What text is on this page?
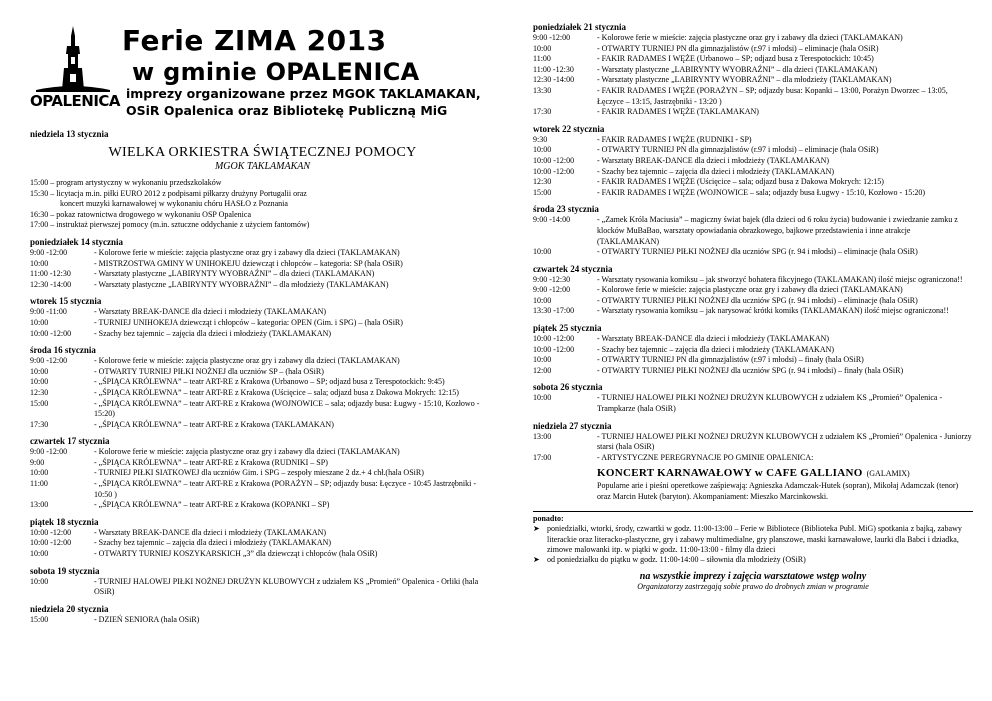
OPALENICA
Ferie ZIMA 2013
w gminie OPALENICA
imprezy organizowane przez MGOK TAKLAMAKAN,
OSiR Opalenica oraz Bibliotekę Publiczną MiG
niedziela 13 stycznia
WIELKA ORKIESTRA ŚWIĄTECZNEJ POMOCY
MGOK TAKLAMAKAN
15:00 – program artystyczny w wykonaniu przedszkolaków
15:30 – licytacja m.in. piłki EURO 2012 z podpisami piłkarzy drużyny Portugalii oraz
koncert muzyki karnawałowej w wykonaniu chóru HASŁO z Poznania
16:30 – pokaz ratownictwa drogowego w wykonaniu OSP Opalenica
17:00 – instruktaż pierwszej pomocy (m.in. sztuczne oddychanie z użyciem fantomów)
poniedziałek 14 stycznia
9:00 -12:00	- Kolorowe ferie w mieście: zajęcia plastyczne oraz gry i zabawy dla dzieci (TAKLAMAKAN)
10:00	- MISTRZOSTWA GMINY W UNIHOKEJU dziewcząt i chłopców – kategoria: SP (hala OSiR)
11:00 -12:30	- Warsztaty plastyczne „LABIRYNTY WYOBRAŹNI” – dla dzieci (TAKLAMAKAN)
12:30 -14:00	- Warsztaty plastyczne „LABIRYNTY WYOBRAŹNI” – dla młodzieży (TAKLAMAKAN)
wtorek 15 stycznia
9:00 -11:00	- Warsztaty BREAK-DANCE dla dzieci i młodzieży (TAKLAMAKAN)
10:00	- TURNIEJ UNIHOKEJA dziewcząt i chłopców – kategoria: OPEN (Gim. i SPG) – (hala OSiR)
10:00 -12:00	- Szachy bez tajemnic – zajęcia dla dzieci i młodzieży (TAKLAMAKAN)
środa 16 stycznia
9:00 -12:00	- Kolorowe ferie w mieście: zajęcia plastyczne oraz gry i zabawy dla dzieci (TAKLAMAKAN)
10:00	- OTWARTY TURNIEJ PIŁKI NOŻNEJ dla uczniów SP – (hala OSiR)
10:00	- „ŚPIĄCA KRÓLEWNA” – teatr ART-RE z Krakowa (Urbanowo – SP; odjazd busa z Terespotockich: 9:45)
12:30	- „ŚPIĄCA KRÓLEWNA” – teatr ART-RE z Krakowa (Uścięcice – sala; odjazd busa z Dakowa Mokrych: 12:15)
15:00	- „ŚPIĄCA KRÓLEWNA” – teatr ART-RE z Krakowa (WOJNOWICE – sala; odjazdy busa: Ługwy - 15:10, Kozłowo - 15:20)
17:30	- „ŚPIĄCA KRÓLEWNA” – teatr ART-RE z Krakowa (TAKLAMAKAN)
czwartek 17 stycznia
9:00 -12:00	- Kolorowe ferie w mieście: zajęcia plastyczne oraz gry i zabawy dla dzieci (TAKLAMAKAN)
9:00	- „ŚPIĄCA KRÓLEWNA” – teatr ART-RE z Krakowa (RUDNIKI – SP)
10:00	- TURNIEJ PIŁKI SIATKOWEJ dla uczniów Gim. i SPG – zespoły mieszane 2 dz.+ 4 chł.(hala OSiR)
11:00	- „ŚPIĄCA KRÓLEWNA” – teatr ART-RE z Krakowa (PORAŻYN – SP; odjazdy busa: Łęczyce - 10:45 Jastrzębniki - 10:50 )
13:00	- „ŚPIĄCA KRÓLEWNA” – teatr ART-RE z Krakowa (KOPANKI – SP)
piątek 18 stycznia
10:00 -12:00	- Warsztaty BREAK-DANCE dla dzieci i młodzieży (TAKLAMAKAN)
10:00 -12:00	- Szachy bez tajemnic – zajęcia dla dzieci i młodzieży (TAKLAMAKAN)
10:00	- OTWARTY TURNIEJ KOSZYKARSKICH „3” dla dziewcząt i chłopców (hala OSiR)
sobota 19 stycznia
10:00	- TURNIEJ HALOWEJ PIŁKI NOŻNEJ DRUŻYN KLUBOWYCH z udziałem KS „Promień” Opalenica - Orliki (hala OSiR)
niedziela 20 stycznia
15:00	- DZIEŃ SENIORA (hala OSiR)
poniedziałek 21 stycznia
9:00 -12:00	- Kolorowe ferie w mieście: zajęcia plastyczne oraz gry i zabawy dla dzieci (TAKLAMAKAN)
10:00	- OTWARTY TURNIEJ PN dla gimnazjalistów (r.97 i młodsi) – eliminacje (hala OSiR)
11:00	- FAKIR RADAMES I WĘŻE (Urbanowo – SP; odjazd busa z Terespotockich: 10:45)
11:00 -12:30	- Warsztaty plastyczne „LABIRYNTY WYOBRAŹNI” – dla dzieci (TAKLAMAKAN)
12:30 -14:00	- Warsztaty plastyczne „LABIRYNTY WYOBRAŹNI” – dla młodzieży (TAKLAMAKAN)
13:30	- FAKIR RADAMES I WĘŻE (PORAŻYN – SP; odjazdy busa: Kopanki – 13:00, Porażyn Dworzec – 13:05, Łęczyce – 13:15, Jastrzębniki - 13:20 )
17:30	- FAKIR RADAMES I WĘŻE (TAKLAMAKAN)
wtorek 22 stycznia
9:30	- FAKIR RADAMES I WĘŻE (RUDNIKI - SP)
10:00	- OTWARTY TURNIEJ PN dla gimnazjalistów (r.97 i młodsi) – eliminacje (hala OSiR)
10:00 -12:00	- Warsztaty BREAK-DANCE dla dzieci i młodzieży (TAKLAMAKAN)
10:00 -12:00	- Szachy bez tajemnic – zajęcia dla dzieci i młodzieży (TAKLAMAKAN)
12:30	- FAKIR RADAMES I WĘŻE (Uścięcice – sala; odjazd busa z Dakowa Mokrych: 12:15)
15:00	- FAKIR RADAMES I WĘŻE (WOJNOWICE – sala; odjazdy busa Ługwy - 15:10, Kozłowo - 15:20)
środa 23 stycznia
9:00 -14:00	- „Zamek Króla Maciusia” – magiczny świat bajek (dla dzieci od 6 roku życia) budowanie i zwiedzanie zamku z klocków MuBaBao, warsztaty opowiadania obrazkowego, bajkowe przedstawienia i inne atrakcje (TAKLAMAKAN)
10:00	- OTWARTY TURNIEJ PIŁKI NOŻNEJ dla uczniów SPG (r. 94 i młodsi) – eliminacje (hala OSiR)
czwartek 24 stycznia
9:00 -12:30	- Warsztaty rysowania komiksu – jak stworzyć bohatera fikcyjnego (TAKLAMAKAN) ilość miejsc ograniczona!!
9:00 -12:00	- Kolorowe ferie w mieście: zajęcia plastyczne oraz gry i zabawy dla dzieci (TAKLAMAKAN)
10:00	- OTWARTY TURNIEJ PIŁKI NOŻNEJ dla uczniów SPG (r. 94 i młodsi) – eliminacje (hala OSiR)
13:30 -17:00	- Warsztaty rysowania komiksu – jak narysować krótki komiks (TAKLAMAKAN) ilość miejsc ograniczona!!
piątek 25 stycznia
10:00 -12:00	- Warsztaty BREAK-DANCE dla dzieci i młodzieży (TAKLAMAKAN)
10:00 -12:00	- Szachy bez tajemnic – zajęcia dla dzieci i młodzieży (TAKLAMAKAN)
10:00	- OTWARTY TURNIEJ PN dla gimnazjalistów (r.97 i młodsi) – finały (hala OSiR)
12:00	- OTWARTY TURNIEJ PIŁKI NOŻNEJ dla uczniów SPG (r. 94 i młodsi) – finały (hala OSiR)
sobota 26 stycznia
10:00	- TURNIEJ HALOWEJ PIŁKI NOŻNEJ DRUŻYN KLUBOWYCH z udziałem KS „Promień” Opalenica - Trampkarze (hala OSiR)
niedziela 27 stycznia
13:00	- TURNIEJ HALOWEJ PIŁKI NOŻNEJ DRUŻYN KLUBOWYCH z udziałem KS „Promień” Opalenica - Juniorzy starsi (hala OSiR)
17:00	- ARTYSTYCZNE PEREGRYNACJE PO GMINIE OPALENICA:
KONCERT KARNAWAŁOWY w CAFE GALLIANO (GALAMIX)
Popularne arie i pieśni operetkowe zaśpiewają: Agnieszka Adamczak-Hutek (sopran), Mikołaj Adamczak (tenor) oraz Marcin Hutek (baryton). Akompaniament: Mieszko Marcinkowski.
ponadto:
➤ poniedziałki, wtorki, środy, czwartki w godz. 11:00-13:00 – Ferie w Bibliotece (Biblioteka Publ. MiG) spotkania z bajką, zabawy literackie oraz literacko-plastyczne, gry i zabawy multimedialne, gry planszowe, maski karnawałowe, laurki dla Babci i dziadka, zimowe malowanki itp. w piątki w godz. 11:00-13:00 - filmy dla dzieci
➤ od poniedziałku do piątku w godz. 11:00-14:00 – siłownia dla młodzieży (OSiR)
na wszystkie imprezy i zajęcia warsztatowe wstęp wolny
Organizatorzy zastrzegają sobie prawo do drobnych zmian w programie
